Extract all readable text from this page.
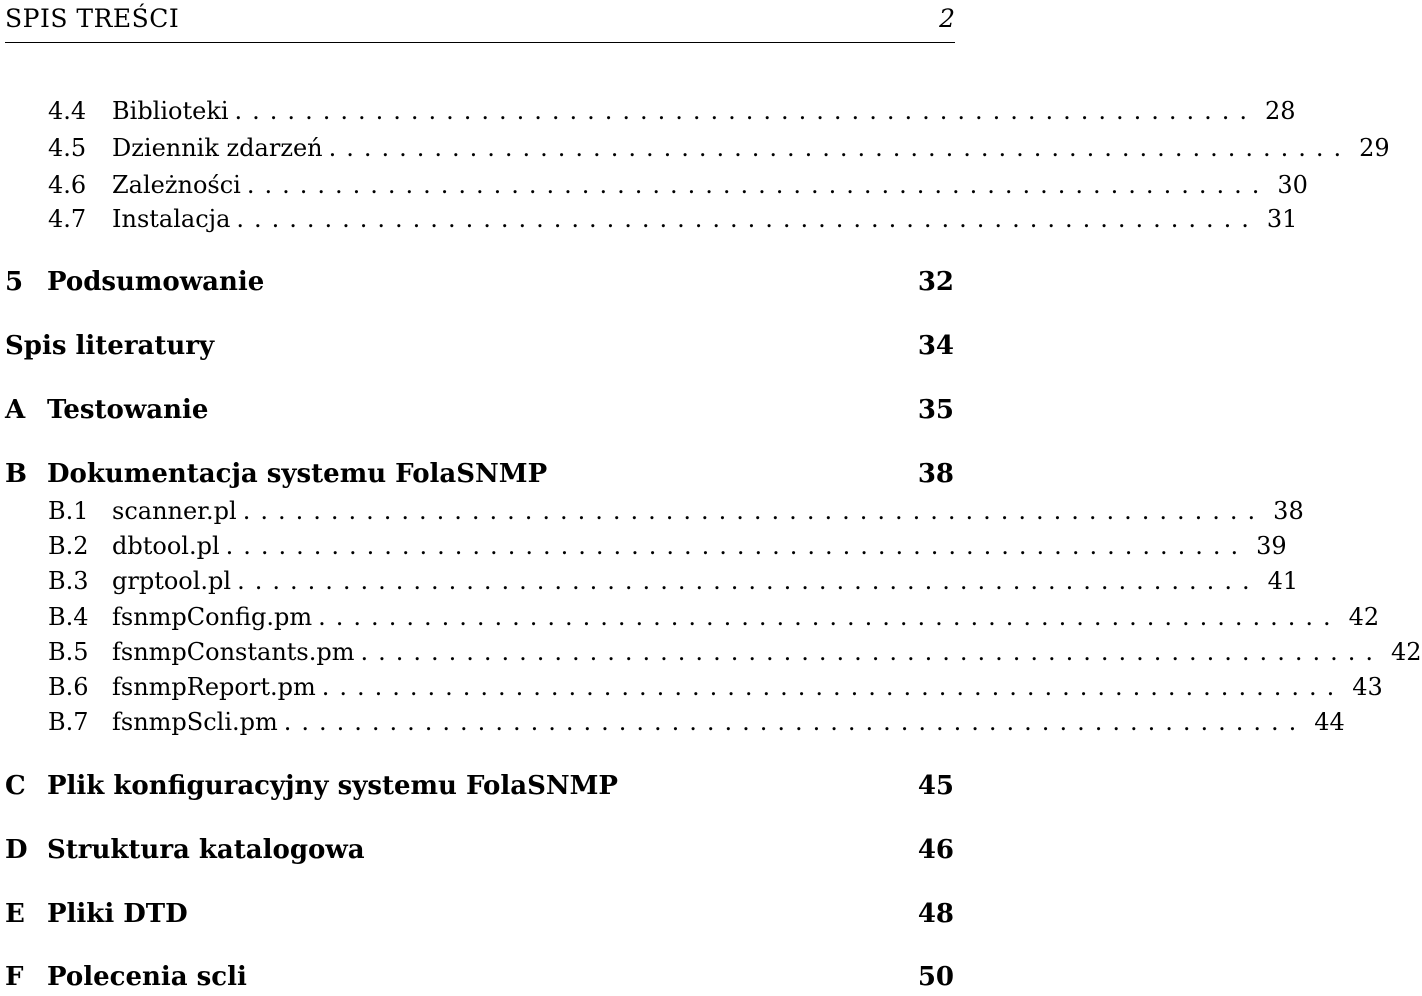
SPIS TREŚCI	2
4.4	Biblioteki .......................................................... 28
4.5	Dziennik zdarzeń .......................................................... 29
4.6	Zależności .......................................................... 30
4.7	Instalacja .......................................................... 31
5 Podsumowanie	32
Spis literatury	34
A Testowanie	35
B Dokumentacja systemu FolaSNMP	38
B.1 scanner.pl .......................................................... 38
B.2 dbtool.pl .......................................................... 39
B.3 grptool.pl .......................................................... 41
B.4 fsnmpConfig.pm .......................................................... 42
B.5 fsnmpConstants.pm .......................................................... 42
B.6 fsnmpReport.pm .......................................................... 43
B.7 fsnmpScli.pm .......................................................... 44
C Plik konfiguracyjny systemu FolaSNMP	45
D Struktura katalogowa	46
E Pliki DTD	48
F Polecenia scli	50
